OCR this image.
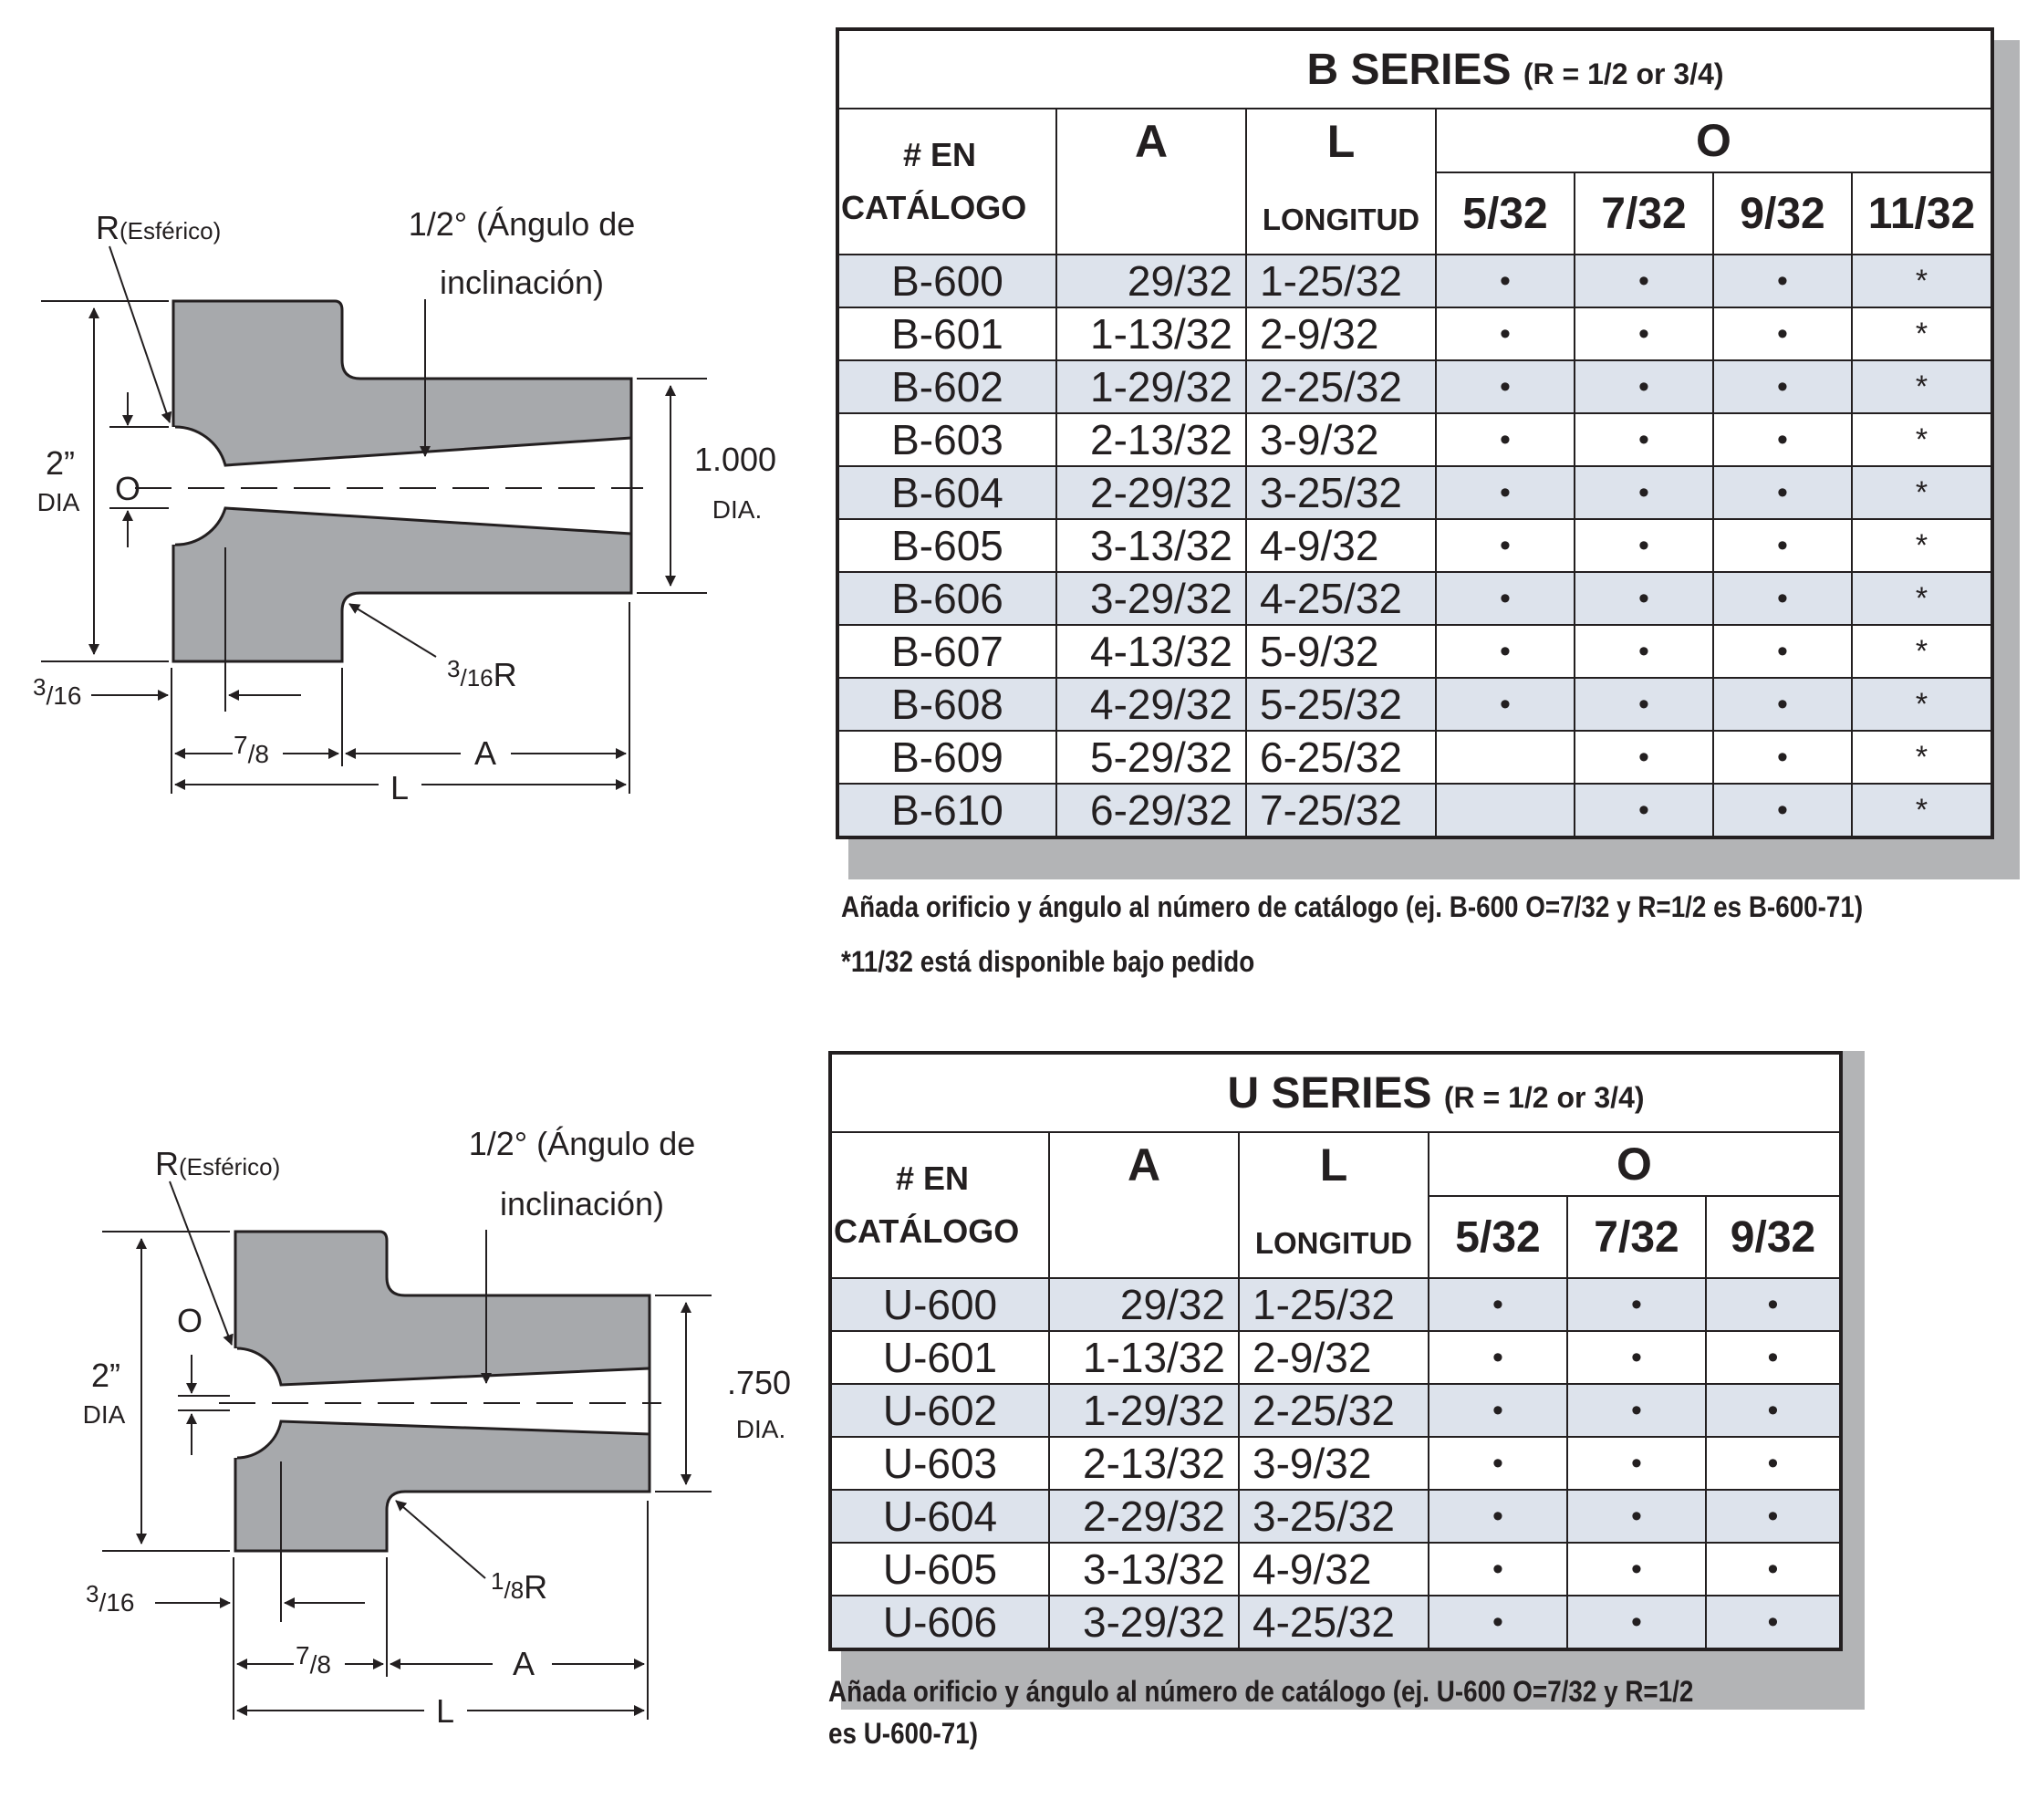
R(Esférico)	1/2° (Ángulo de
inclinación)
2”
DIA O
1.000
DIA.
$^3_{/16}$R
3/16
7/8	A
L
B SERIES (R = 1/2 or 3/4)						
# EN
CATÁLOGO	A	L
LONGITUD	O			
			5/32	7/32	9/32	11/32
B-600	29/32	1-25/32	•	•	•	*
B-601	1-13/32	2-9/32	•	•	•	*
B-602	1-29/32	2-25/32	•	•	•	*
B-603	2-13/32	3-9/32	•	•	•	*
B-604	2-29/32	3-25/32	•	•	•	*
B-605	3-13/32	4-9/32	•	•	•	*
B-606	3-29/32	4-25/32	•	•	•	*
B-607	4-13/32	5-9/32	•	•	•	*
B-608	4-29/32	5-25/32	•	•	•	*
B-609	5-29/32	6-25/32		•	•	*
B-610	6-29/32	7-25/32		•	•	*
Añada orificio y ángulo al número de catálogo (ej. B-600 O=7/32 y R=1/2 es B-600-71)
*11/32 está disponible bajo pedido
R(Esférico)
1/2° (Ángulo de
inclinación)
2”
DIA
O
.750
DIA.
$^1_{/8}$R
3/16
7/8	A
L
U SERIES (R = 1/2 or 3/4)					
# EN
CATÁLOGO	A	L
LONGITUD	O		
			5/32	7/32	9/32
U-600	29/32	1-25/32	•	•	•
U-601	1-13/32	2-9/32	•	•	•
U-602	1-29/32	2-25/32	•	•	•
U-603	2-13/32	3-9/32	•	•	•
U-604	2-29/32	3-25/32	•	•	•
U-605	3-13/32	4-9/32	•	•	•
U-606	3-29/32	4-25/32	•	•	•
Añada orificio y ángulo al número de catálogo (ej. U-600 O=7/32 y R=1/2
es U-600-71)
